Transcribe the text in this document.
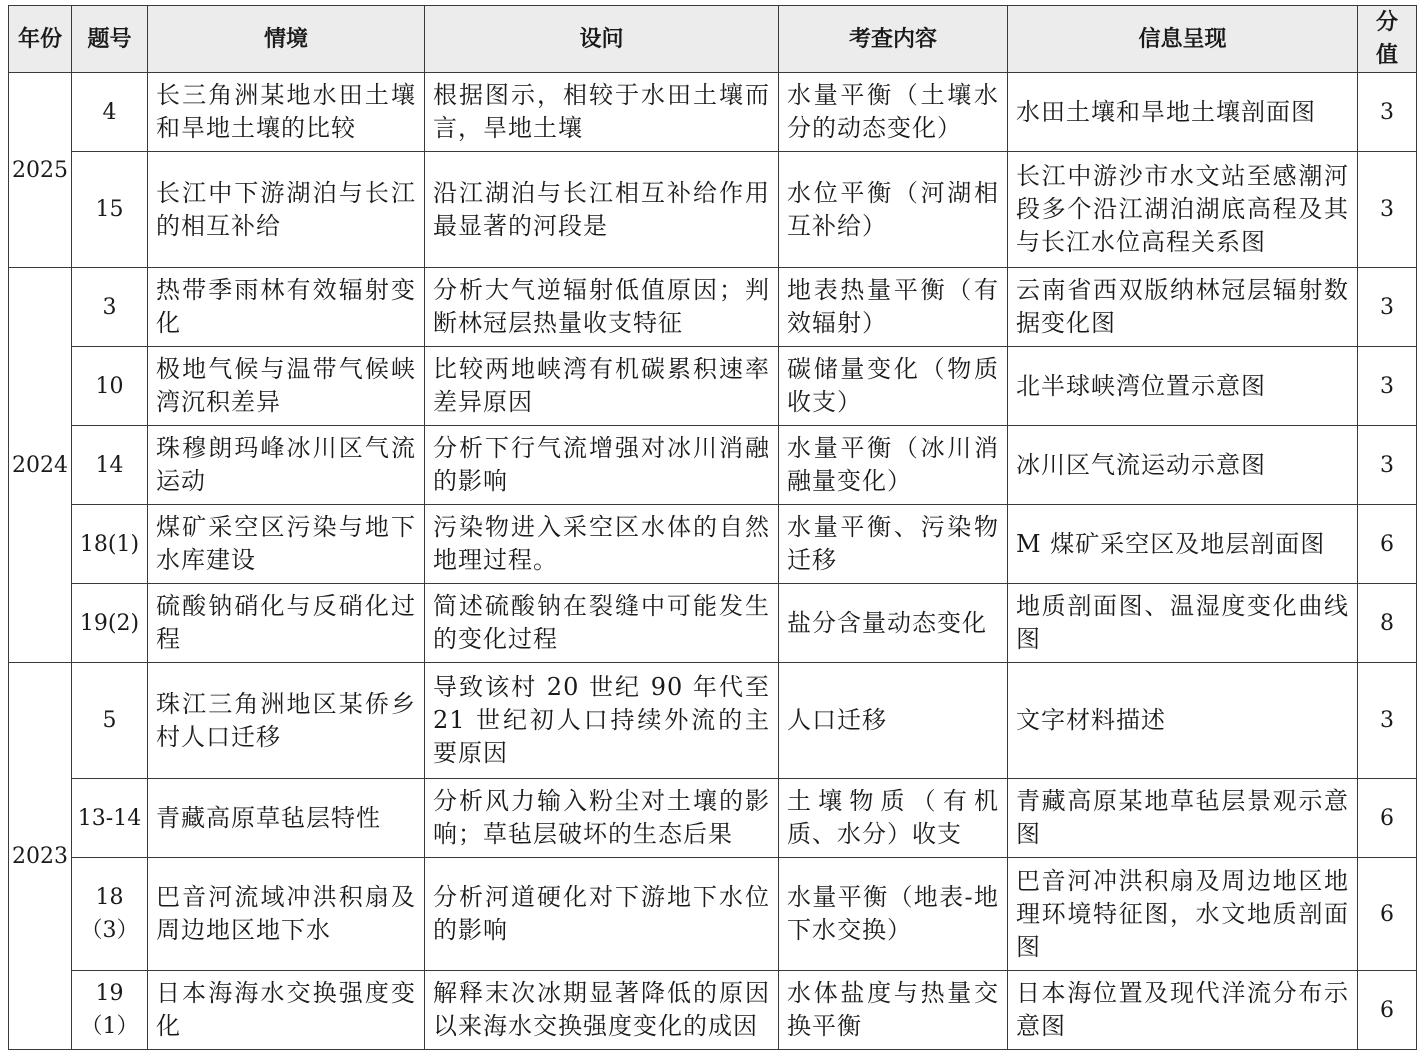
年份	题号	情境	设问	考查内容	信息呈现	分值
2025	4	长三角洲某地水田土壤和旱地土壤的比较	根据图示，相较于水田土壤而言，旱地土壤	水量平衡（土壤水分的动态变化）	水田土壤和旱地土壤剖面图	3
	15	长江中下游湖泊与长江的相互补给	沿江湖泊与长江相互补给作用最显著的河段是	水位平衡（河湖相互补给）	长江中游沙市水文站至感潮河段多个沿江湖泊湖底高程及其与长江水位高程关系图	3
2024	3	热带季雨林有效辐射变化	分析大气逆辐射低值原因；判断林冠层热量收支特征	地表热量平衡（有效辐射）	云南省西双版纳林冠层辐射数据变化图	3
	10	极地气候与温带气候峡湾沉积差异	比较两地峡湾有机碳累积速率差异原因	碳储量变化（物质收支）	北半球峡湾位置示意图	3
	14	珠穆朗玛峰冰川区气流运动	分析下行气流增强对冰川消融的影响	水量平衡（冰川消融量变化）	冰川区气流运动示意图	3
	18(1)	煤矿采空区污染与地下水库建设	污染物进入采空区水体的自然地理过程。	水量平衡、污染物迁移	M 煤矿采空区及地层剖面图	6
	19(2)	硫酸钠硝化与反硝化过程	简述硫酸钠在裂缝中可能发生的变化过程	盐分含量动态变化	地质剖面图、温湿度变化曲线图	8
2023	5	珠江三角洲地区某侨乡村人口迁移	导致该村 20 世纪 90 年代至 21 世纪初人口持续外流的主要原因	人口迁移	文字材料描述	3
	13-14	青藏高原草毡层特性	分析风力输入粉尘对土壤的影响；草毡层破坏的生态后果	土壤物质（有机质、水分）收支	青藏高原某地草毡层景观示意图	6
	18（3）	巴音河流域冲洪积扇及周边地区地下水	分析河道硬化对下游地下水位的影响	水量平衡（地表-地下水交换）	巴音河冲洪积扇及周边地区地理环境特征图，水文地质剖面图	6
	19（1）	日本海海水交换强度变化	解释末次冰期显著降低的原因以来海水交换强度变化的成因	水体盐度与热量交换平衡	日本海位置及现代洋流分布示意图	6
